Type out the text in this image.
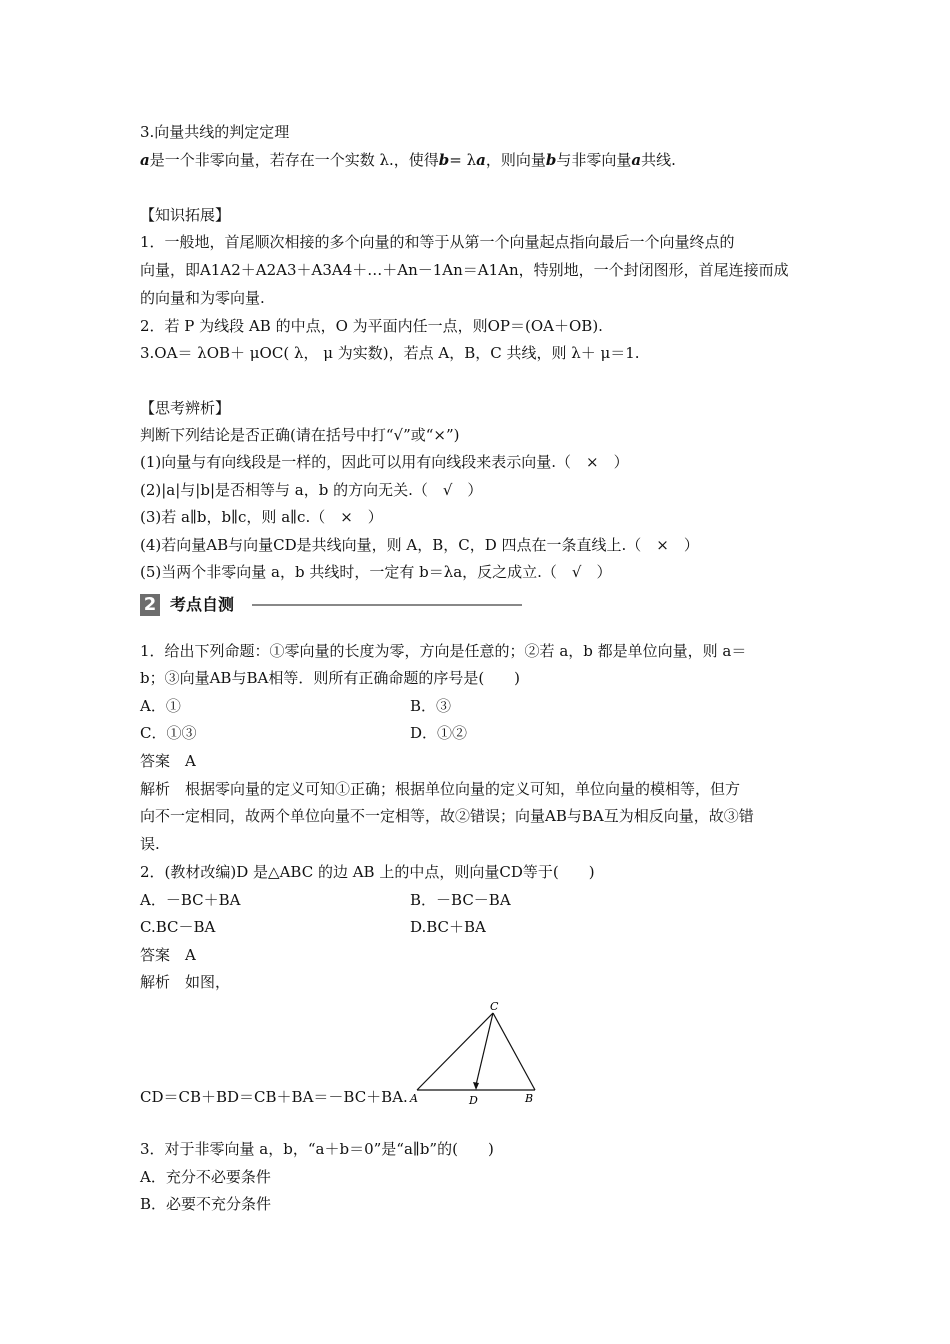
3.向量共线的判定定理
a是一个非零向量，若存在一个实数 λ.，使得b= λa，则向量b与非零向量a共线.
【知识拓展】
1．一般地，首尾顺次相接的多个向量的和等于从第一个向量起点指向最后一个向量终点的
向量，即A1A2＋A2A3＋A3A4＋…＋An－1An＝A1An，特别地，一个封闭图形，首尾连接而成
的向量和为零向量.
2．若 P 为线段 AB 的中点，O 为平面内任一点，则OP＝(OA＋OB).
3.OA＝ λOB＋ μOC( λ， μ 为实数)，若点 A，B，C 共线，则 λ＋ μ＝1.
【思考辨析】
判断下列结论是否正确(请在括号中打“√”或“×”)
(1)向量与有向线段是一样的，因此可以用有向线段来表示向量.（　×　）
(2)|a|与|b|是否相等与 a，b 的方向无关.（　√　）
(3)若 a∥b，b∥c，则 a∥c.（　×　）
(4)若向量AB与向量CD是共线向量，则 A，B，C，D 四点在一条直线上.（　×　）
(5)当两个非零向量 a，b 共线时，一定有 b＝λa，反之成立.（　√　）
2 考点自测
1．给出下列命题：①零向量的长度为零，方向是任意的；②若 a，b 都是单位向量，则 a＝
b；③向量AB与BA相等．则所有正确命题的序号是(　　)
A．①	B．③
C．①③	D．①②
答案　A
解析　根据零向量的定义可知①正确；根据单位向量的定义可知，单位向量的模相等，但方
向不一定相同，故两个单位向量不一定相等，故②错误；向量AB与BA互为相反向量，故③错
误.
2．(教材改编)D 是△ABC 的边 AB 上的中点，则向量CD等于(　　)
A．－BC＋BA	B．－BC－BA
C.BC－BA	D.BC＋BA
答案　A
解析　如图，
C
A	D	B
CD＝CB＋BD＝CB＋BA＝－BC＋BA.
3．对于非零向量 a，b，“a＋b＝0”是“a∥b”的(　　)
A．充分不必要条件
B．必要不充分条件
